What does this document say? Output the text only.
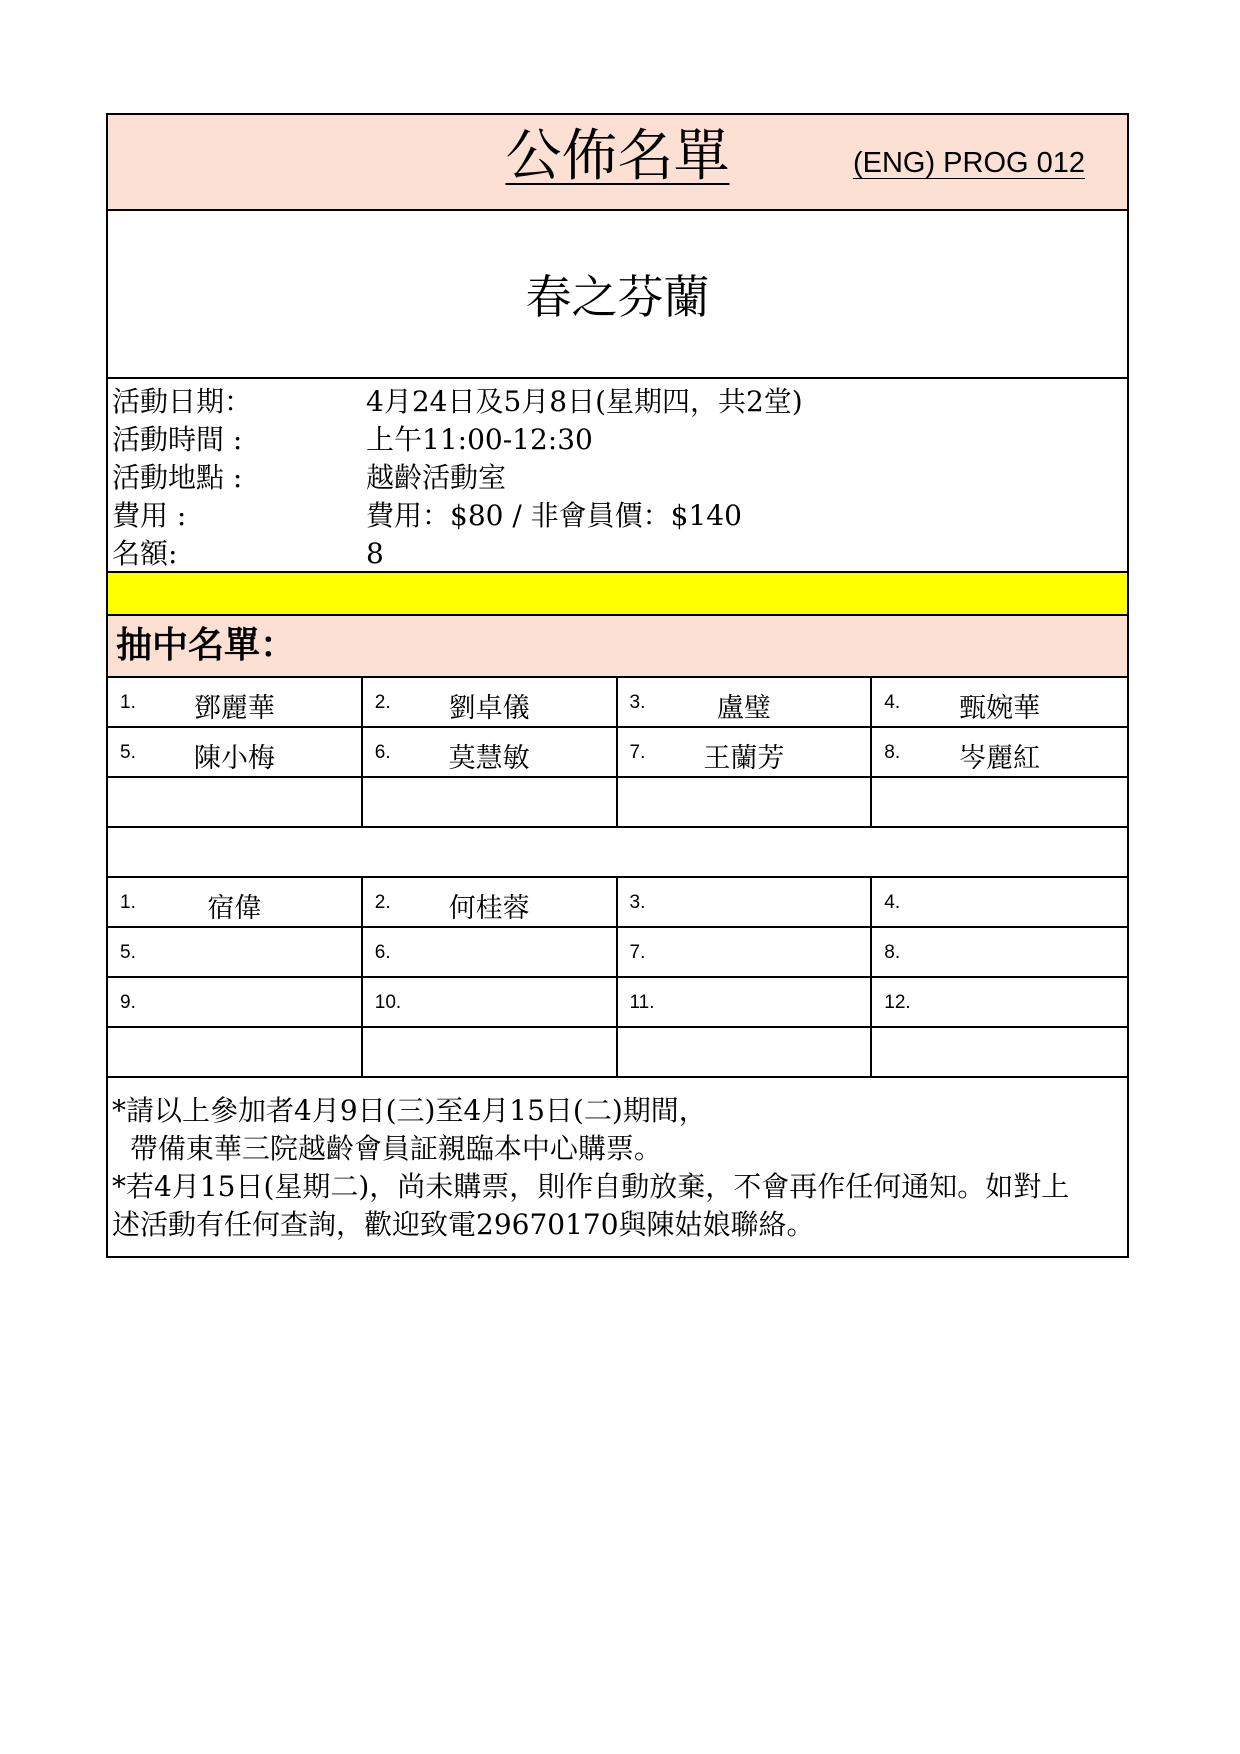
公佈名單	(ENG) PROG 012
春之芬蘭
活動日期：	4月24日及5月8日(星期四，共2堂)
活動時間 :	上午11:00-12:30
活動地點 :	越齡活動室
費用 :	費用：$80 / 非會員價：$140
名額:	8
抽中名單：
1.	鄧麗華	2.	劉卓儀	3.	盧璧	4.	甄婉華
5.	陳小梅	6.	莫慧敏	7.	王蘭芳	8.	岑麗紅
1.	宿偉	2.	何桂蓉	3.	4.
5.	6.	7.	8.
9.	10.	11.	12.
*請以上參加者4月9日(三)至4月15日(二)期間，
帶備東華三院越齡會員証親臨本中心購票。
*若4月15日(星期二)，尚未購票，則作自動放棄，不會再作任何通知。如對上
述活動有任何查詢，歡迎致電29670170與陳姑娘聯絡。
